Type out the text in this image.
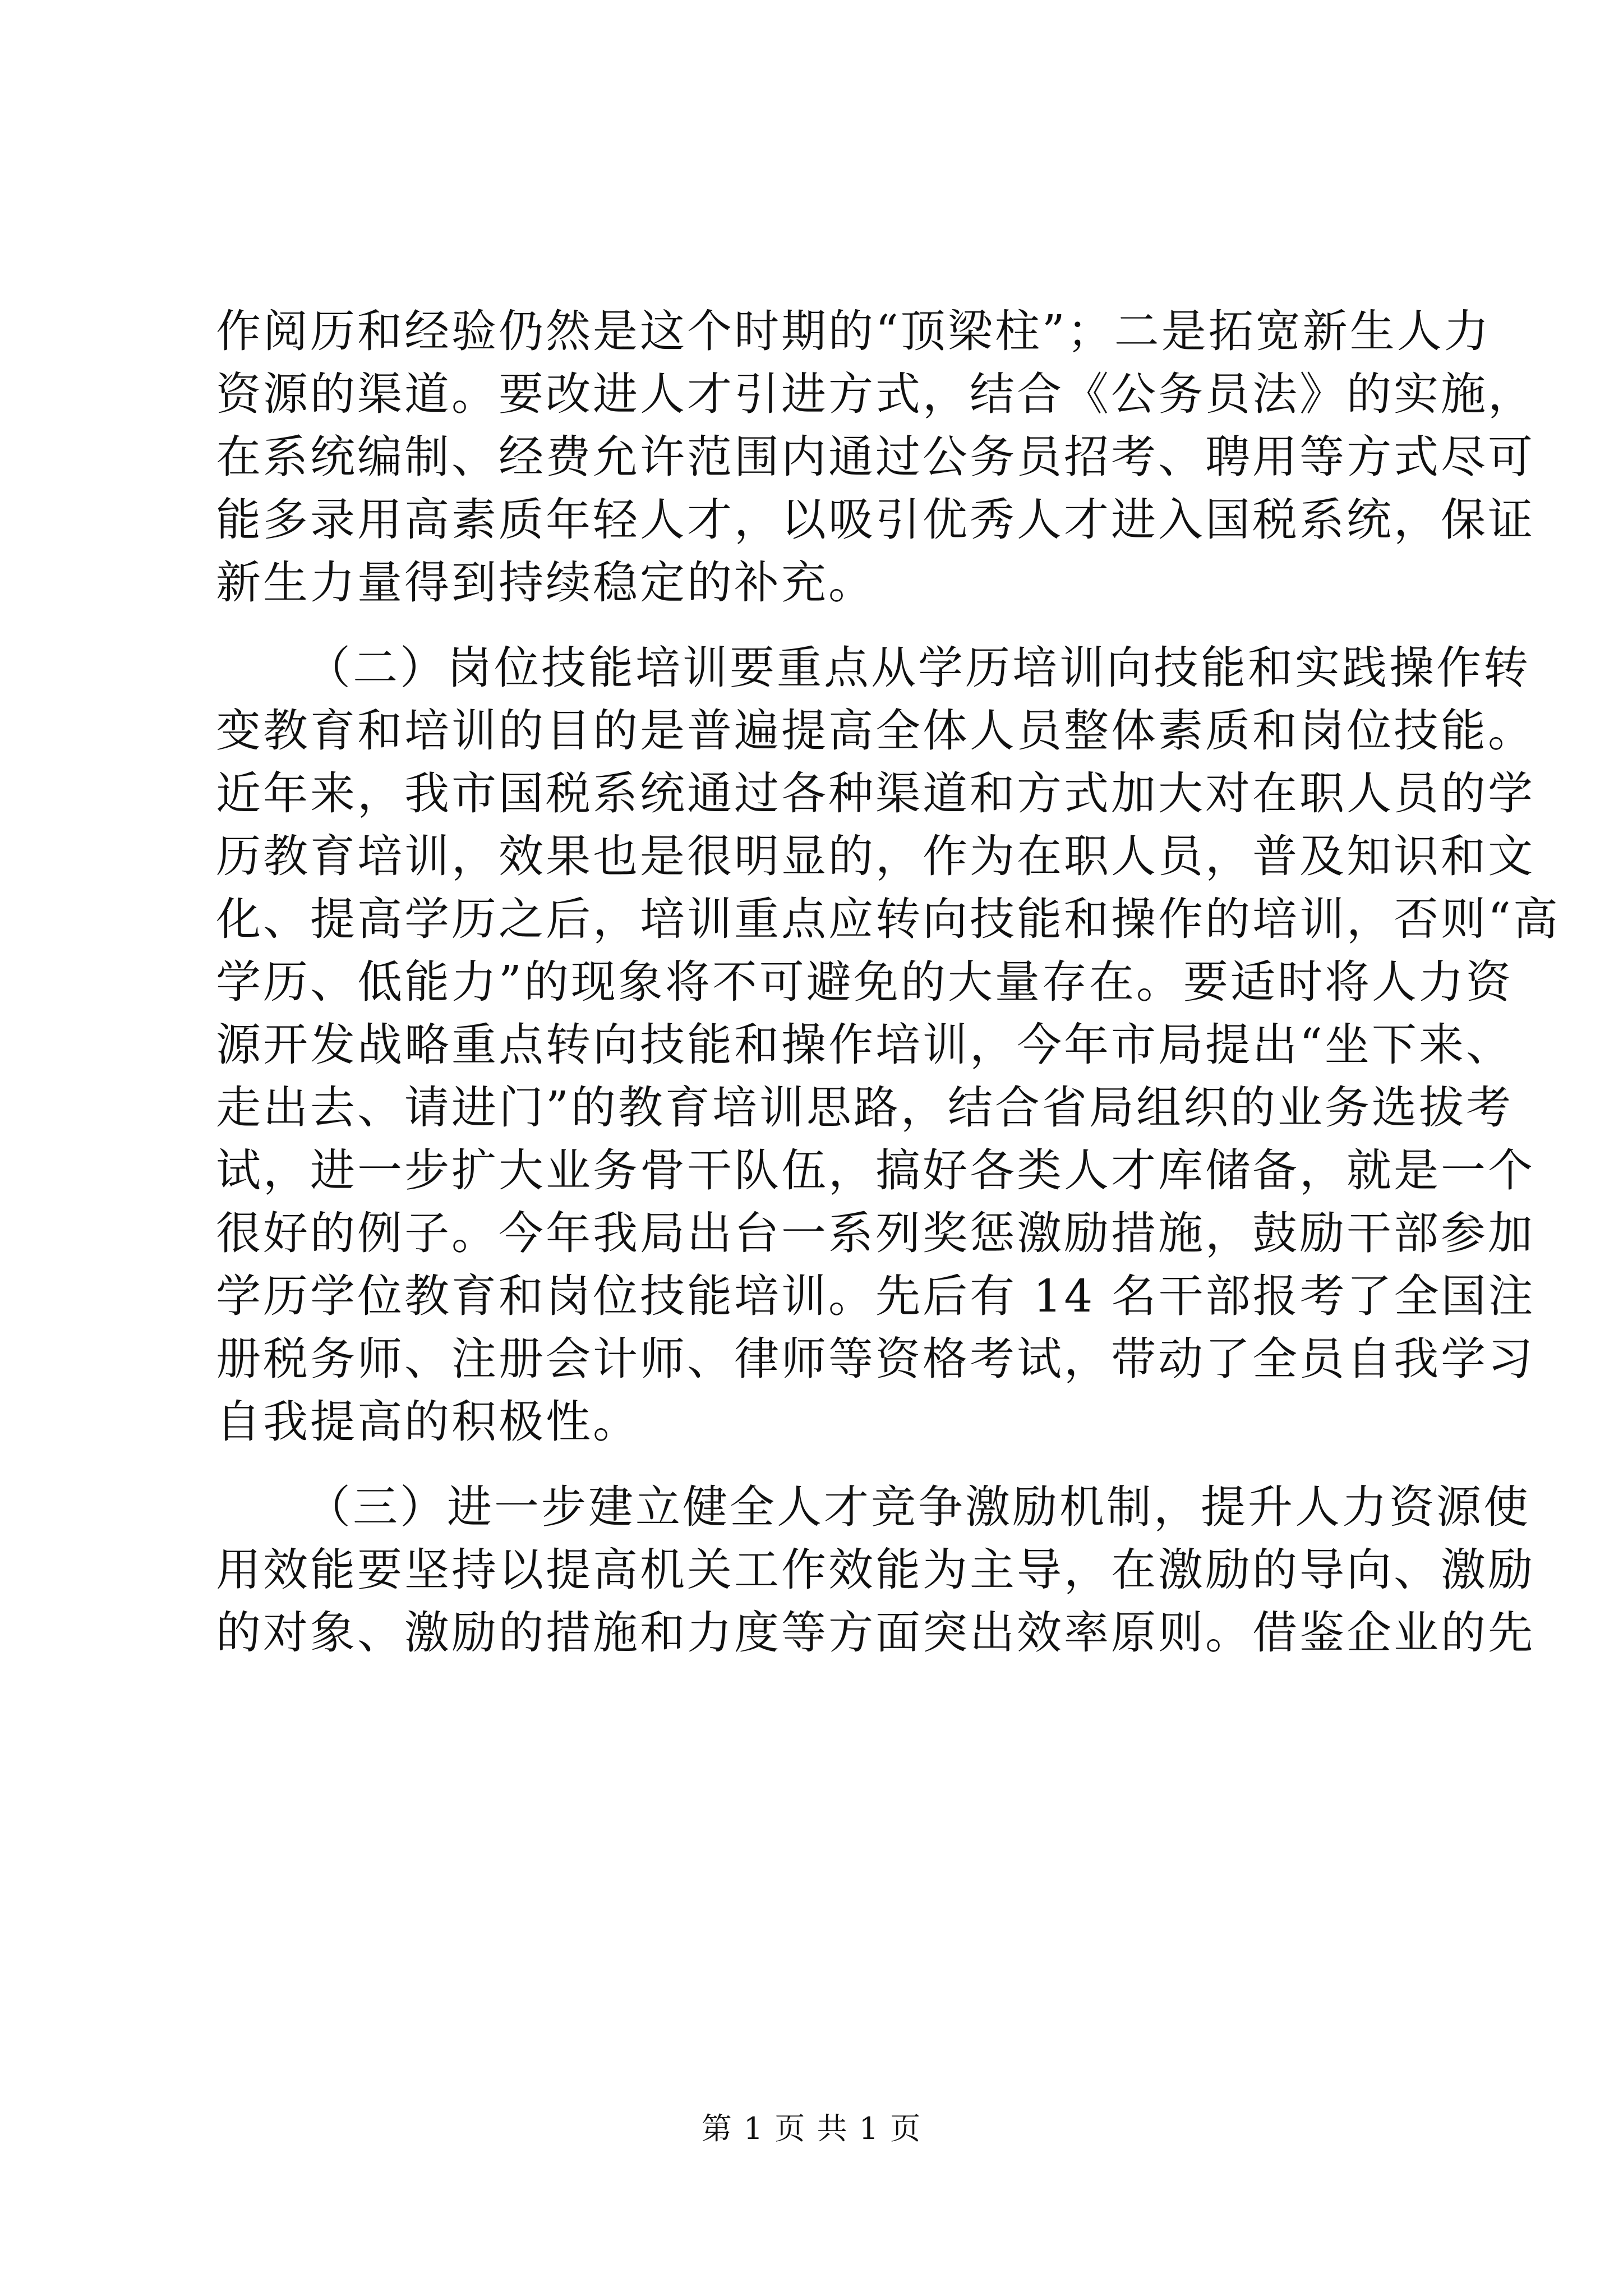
作阅历和经验仍然是这个时期的“顶梁柱”；二是拓宽新生人力
资源的渠道。要改进人才引进方式，结合《公务员法》的实施，
在系统编制、经费允许范围内通过公务员招考、聘用等方式尽可
能多录用高素质年轻人才，以吸引优秀人才进入国税系统，保证
新生力量得到持续稳定的补充。
（二）岗位技能培训要重点从学历培训向技能和实践操作转
变教育和培训的目的是普遍提高全体人员整体素质和岗位技能。
近年来，我市国税系统通过各种渠道和方式加大对在职人员的学
历教育培训，效果也是很明显的，作为在职人员，普及知识和文
化、提高学历之后，培训重点应转向技能和操作的培训，否则“高
学历、低能力”的现象将不可避免的大量存在。要适时将人力资
源开发战略重点转向技能和操作培训，今年市局提出“坐下来、
走出去、请进门”的教育培训思路，结合省局组织的业务选拔考
试，进一步扩大业务骨干队伍，搞好各类人才库储备，就是一个
很好的例子。今年我局出台一系列奖惩激励措施，鼓励干部参加
学历学位教育和岗位技能培训。先后有 14 名干部报考了全国注
册税务师、注册会计师、律师等资格考试，带动了全员自我学习
自我提高的积极性。
（三）进一步建立健全人才竞争激励机制，提升人力资源使
用效能要坚持以提高机关工作效能为主导，在激励的导向、激励
的对象、激励的措施和力度等方面突出效率原则。借鉴企业的先
第 1 页 共 1 页
